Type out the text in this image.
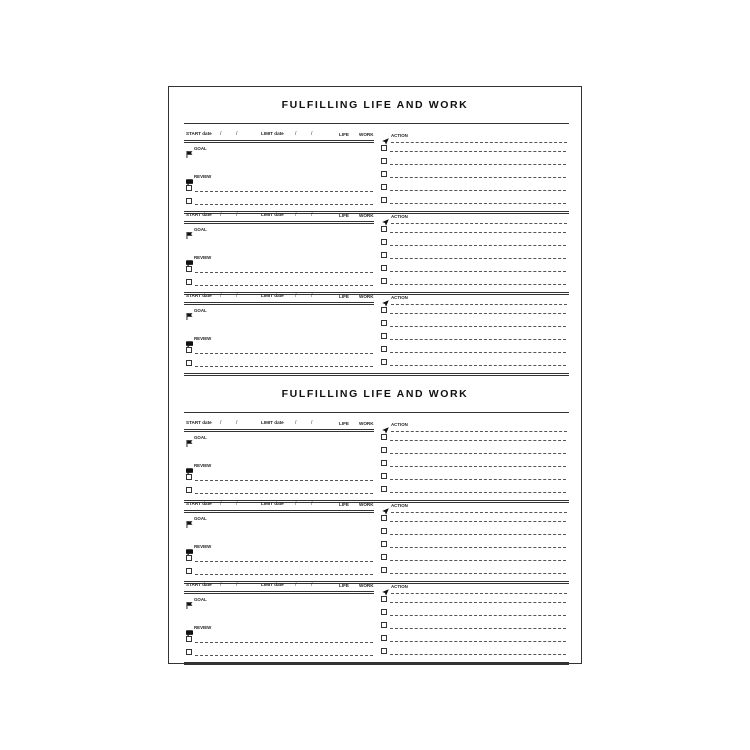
FULFILLING LIFE AND WORK
START date /	/	LIMIT date /	/	LIFE WORK
GOAL
REVIEW
ACTION
START date /	/	LIMIT date /	/	LIFE WORK
GOAL
REVIEW
ACTION
START date /	/	LIMIT date /	/	LIFE WORK
GOAL
REVIEW
ACTION
FULFILLING LIFE AND WORK
START date /	/	LIMIT date /	/	LIFE WORK
GOAL
REVIEW
ACTION
START date /	/	LIMIT date /	/	LIFE WORK
GOAL
REVIEW
ACTION
START date /	/	LIMIT date /	/	LIFE WORK
GOAL
REVIEW
ACTION
